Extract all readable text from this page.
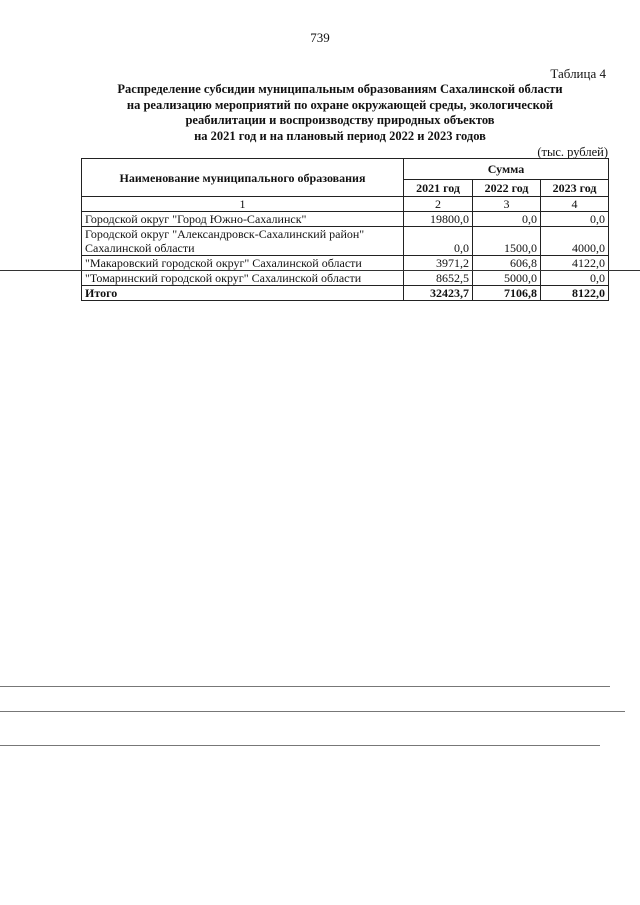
739
Таблица 4
Распределение субсидии муниципальным образованиям Сахалинской области
на реализацию мероприятий по охране окружающей среды, экологической
реабилитации и воспроизводству природных объектов
на 2021 год и на плановый период 2022 и 2023 годов
(тыс. рублей)
Наименование муниципального образования	Сумма		
	2021 год	2022 год	2023 год
1	2	3	4
Городской округ "Город Южно-Сахалинск"	19800,0	0,0	0,0
Городской округ "Александровск-Сахалинский район" Сахалинской области	0,0	1500,0	4000,0
"Макаровский городской округ" Сахалинской области	3971,2	606,8	4122,0
"Томаринский городской округ" Сахалинской области	8652,5	5000,0	0,0
Итого	32423,7	7106,8	8122,0
